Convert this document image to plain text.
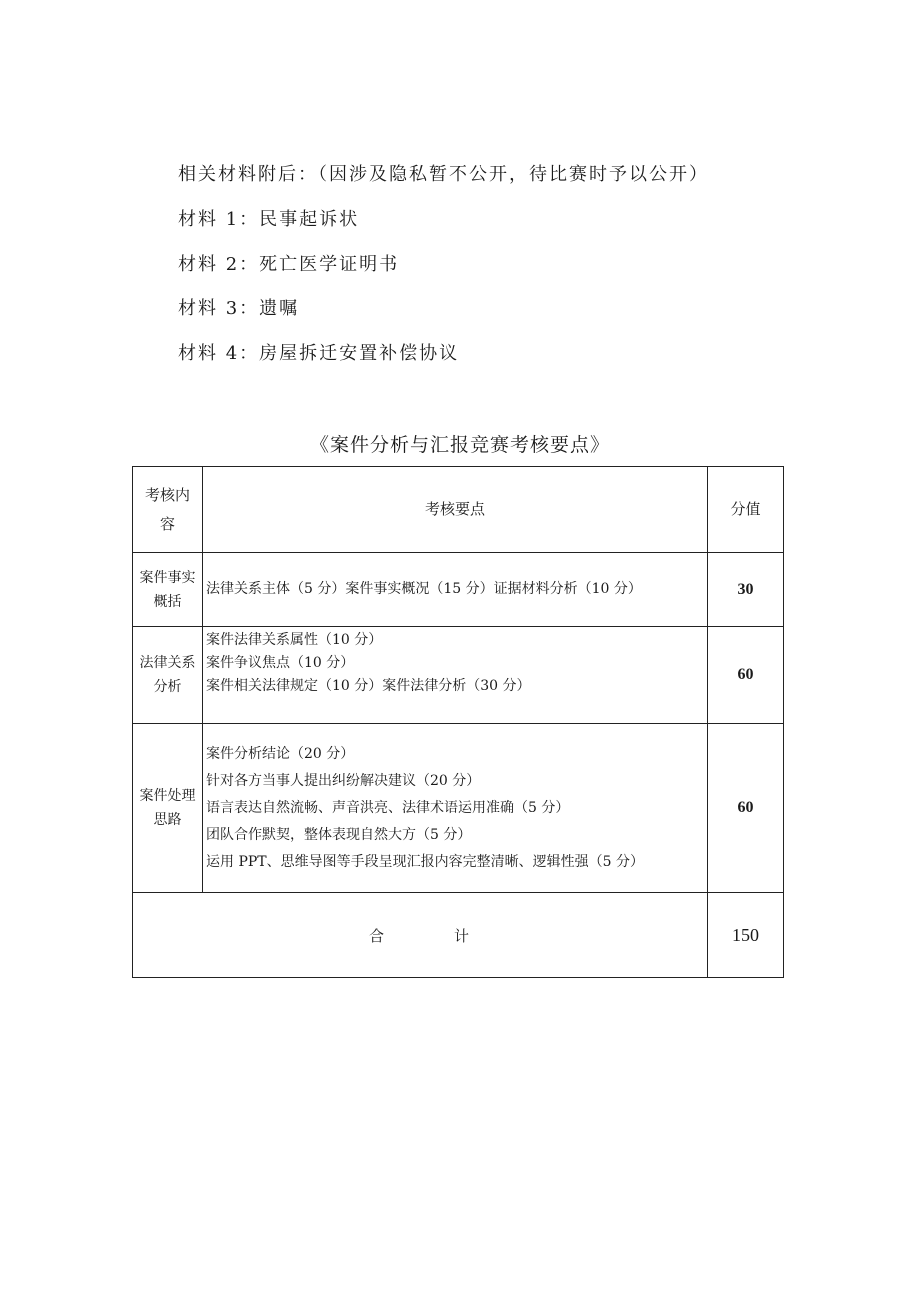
相关材料附后：（因涉及隐私暂不公开，待比赛时予以公开）
材料 1：民事起诉状
材料 2：死亡医学证明书
材料 3：遗嘱
材料 4：房屋拆迁安置补偿协议
《案件分析与汇报竞赛考核要点》
考核内容	考核要点	分值
案件事实概括	法律关系主体（5 分）案件事实概况（15 分）证据材料分析（10 分）	30
法律关系分析	案件法律关系属性（10 分）
案件争议焦点（10 分）
案件相关法律规定（10 分）案件法律分析（30 分）	60
案件处理思路	案件分析结论（20 分）
针对各方当事人提出纠纷解决建议（20 分）
语言表达自然流畅、声音洪亮、法律术语运用准确（5 分）
团队合作默契，整体表现自然大方（5 分）
运用 PPT、思维导图等手段呈现汇报内容完整清晰、逻辑性强（5 分）	60
合 计		150
